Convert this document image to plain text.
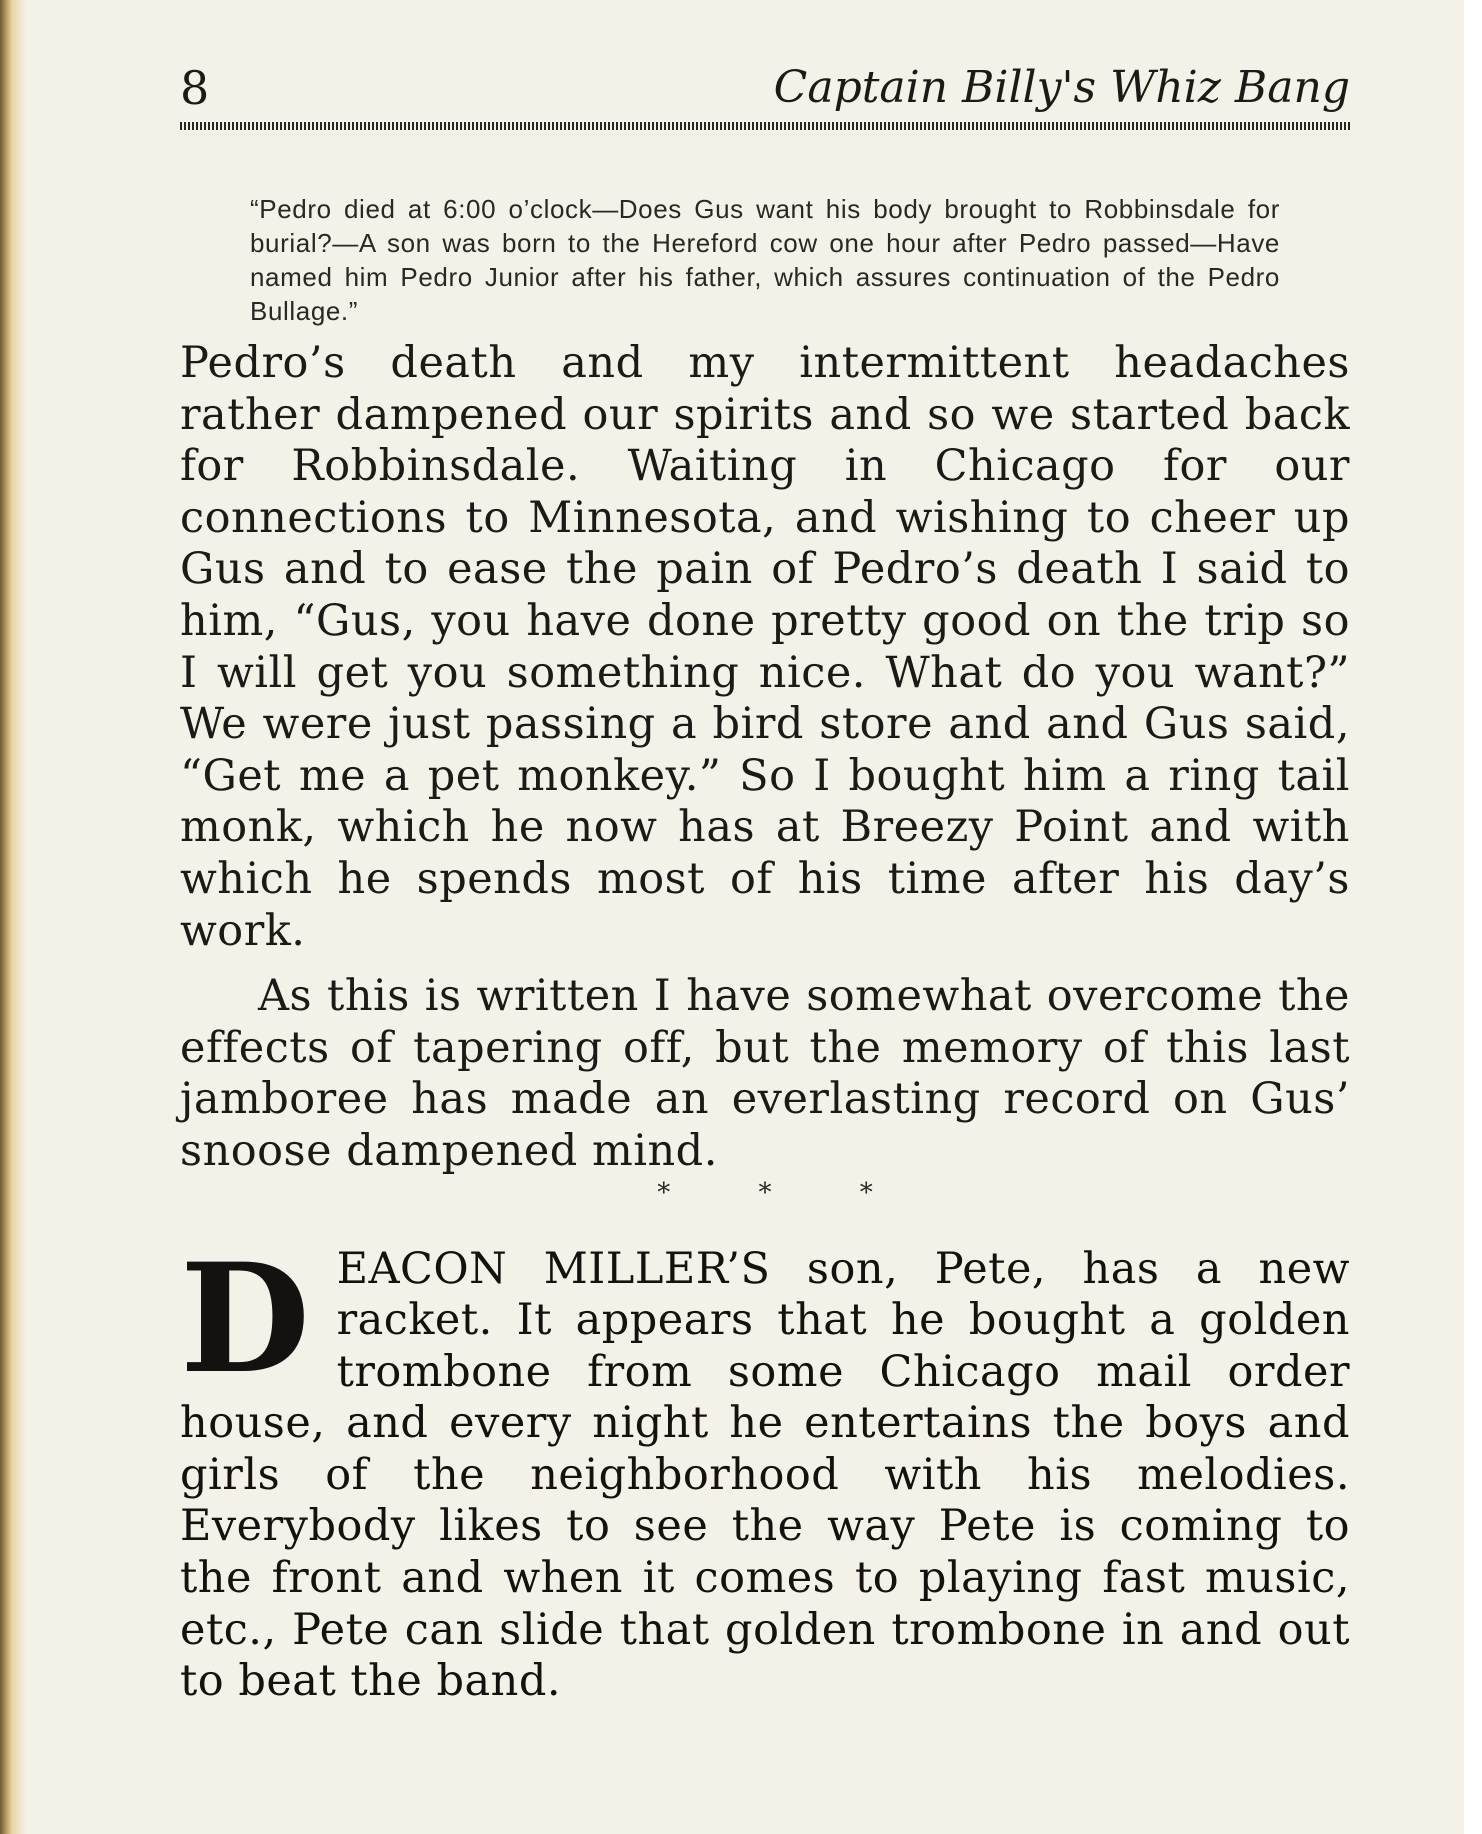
8	Captain Billy's Whiz Bang

“Pedro died at 6:00 o’clock—Does Gus want his body brought to Robbinsdale for burial?—A son was born to the Hereford cow one hour after Pedro passed—Have named him Pedro Junior after his father, which assures continuation of the Pedro Bullage.”

Pedro’s death and my intermittent headaches rather dampened our spirits and so we started back for Robbinsdale. Waiting in Chicago for our connections to Minnesota, and wishing to cheer up Gus and to ease the pain of Pedro’s death I said to him, “Gus, you have done pretty good on the trip so I will get you something nice. What do you want?” We were just passing a bird store and and Gus said, “Get me a pet monkey.” So I bought him a ring tail monk, which he now has at Breezy Point and with which he spends most of his time after his day’s work.

As this is written I have somewhat overcome the effects of tapering off, but the memory of this last jamboree has made an everlasting record on Gus’ snoose dampened mind.

* * *
D EACON MILLER’S son, Pete, has a new racket. It appears that he bought a golden trombone from some Chicago mail order house, and every night he entertains the boys and girls of the neighborhood with his melodies. Everybody likes to see the way Pete is coming to the front and when it comes to playing fast music, etc., Pete can slide that golden trombone in and out to beat the band.
